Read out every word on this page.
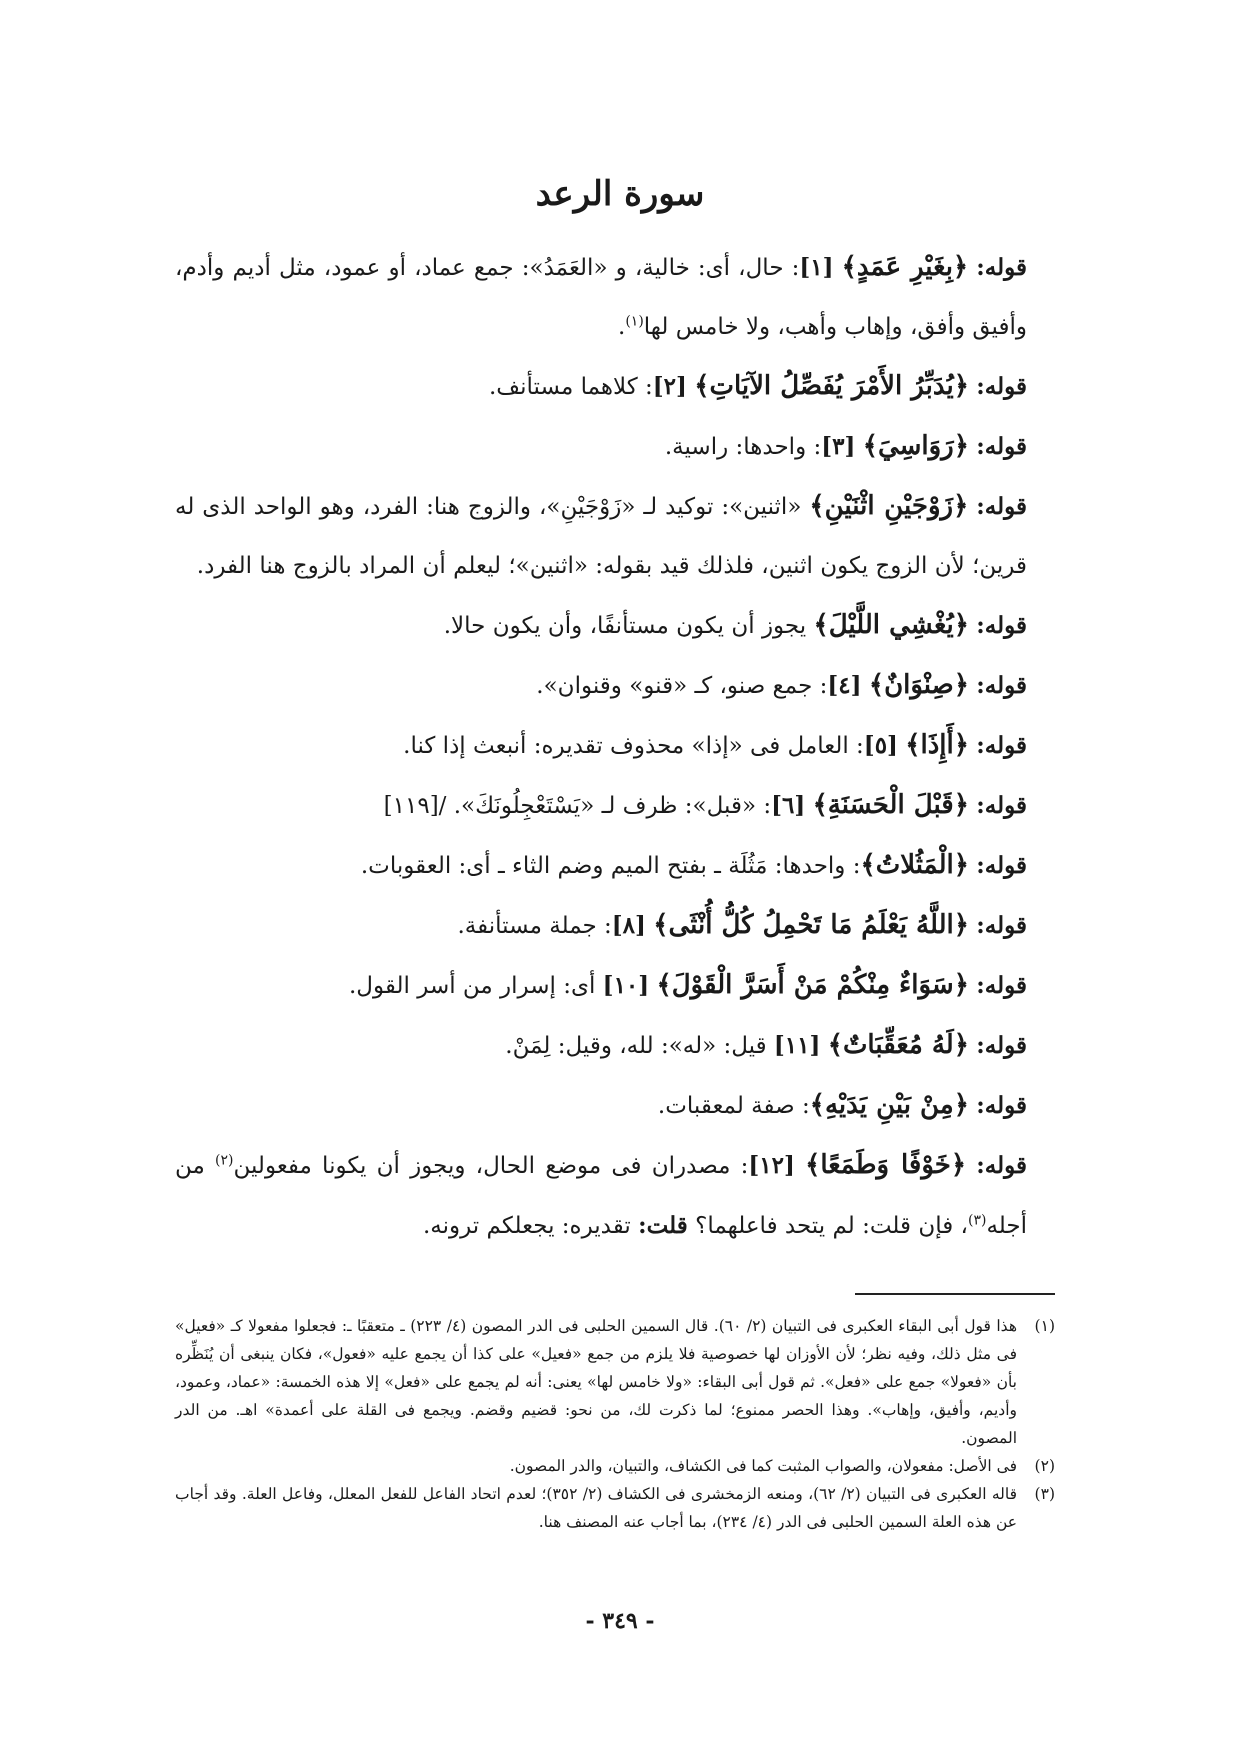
سورة الرعد

قوله: ﴿بِغَيْرِ عَمَدٍ﴾ [١]: حال، أى: خالية، و «العَمَدُ»: جمع عماد، أو عمود، مثل أديم وأدم، وأفيق وأفق، وإهاب وأهب، ولا خامس لها$^{(١)}$.

قوله: ﴿يُدَبِّرُ الأَمْرَ يُفَصِّلُ الآيَاتِ﴾ [٢]: كلاهما مستأنف.

قوله: ﴿رَوَاسِيَ﴾ [٣]: واحدها: راسية.

قوله: ﴿زَوْجَيْنِ اثْنَيْنِ﴾ «اثنين»: توكيد لـ «زَوْجَيْنِ»، والزوج هنا: الفرد، وهو الواحد الذى له قرين؛ لأن الزوج يكون اثنين، فلذلك قيد بقوله: «اثنين»؛ ليعلم أن المراد بالزوج هنا الفرد.

قوله: ﴿يُغْشِي اللَّيْلَ﴾ يجوز أن يكون مستأنفًا، وأن يكون حالا.

قوله: ﴿صِنْوَانٌ﴾ [٤]: جمع صنو، كـ «قنو» وقنوان».

قوله: ﴿أَإِذَا﴾ [٥]: العامل فى «إذا» محذوف تقديره: أنبعث إذا كنا.

قوله: ﴿قَبْلَ الْحَسَنَةِ﴾ [٦]: «قبل»: ظرف لـ «يَسْتَعْجِلُونَكَ». /[١١٩]

قوله: ﴿الْمَثُلاتُ﴾: واحدها: مَثُلَة ـ بفتح الميم وضم الثاء ـ أى: العقوبات.

قوله: ﴿اللَّهُ يَعْلَمُ مَا تَحْمِلُ كُلُّ أُنْثَى﴾ [٨]: جملة مستأنفة.

قوله: ﴿سَوَاءٌ مِنْكُمْ مَنْ أَسَرَّ الْقَوْلَ﴾ [١٠] أى: إسرار من أسر القول.

قوله: ﴿لَهُ مُعَقِّبَاتٌ﴾ [١١] قيل: «له»: لله، وقيل: لِمَنْ.

قوله: ﴿مِنْ بَيْنِ يَدَيْهِ﴾: صفة لمعقبات.

قوله: ﴿خَوْفًا وَطَمَعًا﴾ [١٢]: مصدران فى موضع الحال، ويجوز أن يكونا مفعولين$^{(٢)}$ من أجله$^{(٣)}$، فإن قلت: لم يتحد فاعلهما؟ قلت: تقديره: يجعلكم ترونه.

(١)
هذا قول أبى البقاء العكبرى فى التبيان (٢/ ٦٠). قال السمين الحلبى فى الدر المصون (٤/ ٢٢٣) ـ متعقبًا ـ: فجعلوا مفعولا كـ «فعيل» فى مثل ذلك، وفيه نظر؛ لأن الأوزان لها خصوصية فلا يلزم من جمع «فعيل» على كذا أن يجمع عليه «فعول»، فكان ينبغى أن يُنَظِّره بأن «فعولا» جمع على «فعل». ثم قول أبى البقاء: «ولا خامس لها» يعنى: أنه لم يجمع على «فعل» إلا هذه الخمسة: «عماد، وعمود، وأديم، وأفيق، وإهاب». وهذا الحصر ممنوع؛ لما ذكرت لك، من نحو: قضيم وقضم. ويجمع فى القلة على أعمدة» اهـ. من الدر المصون.
(٢)
فى الأصل: مفعولان، والصواب المثبت كما فى الكشاف، والتبيان، والدر المصون.
(٣)
قاله العكبرى فى التبيان (٢/ ٦٢)، ومنعه الزمخشرى فى الكشاف (٢/ ٣٥٢)؛ لعدم اتحاد الفاعل للفعل المعلل، وفاعل العلة. وقد أجاب عن هذه العلة السمين الحلبى فى الدر (٤/ ٢٣٤)، بما أجاب عنه المصنف هنا.
- ٣٤٩ -
